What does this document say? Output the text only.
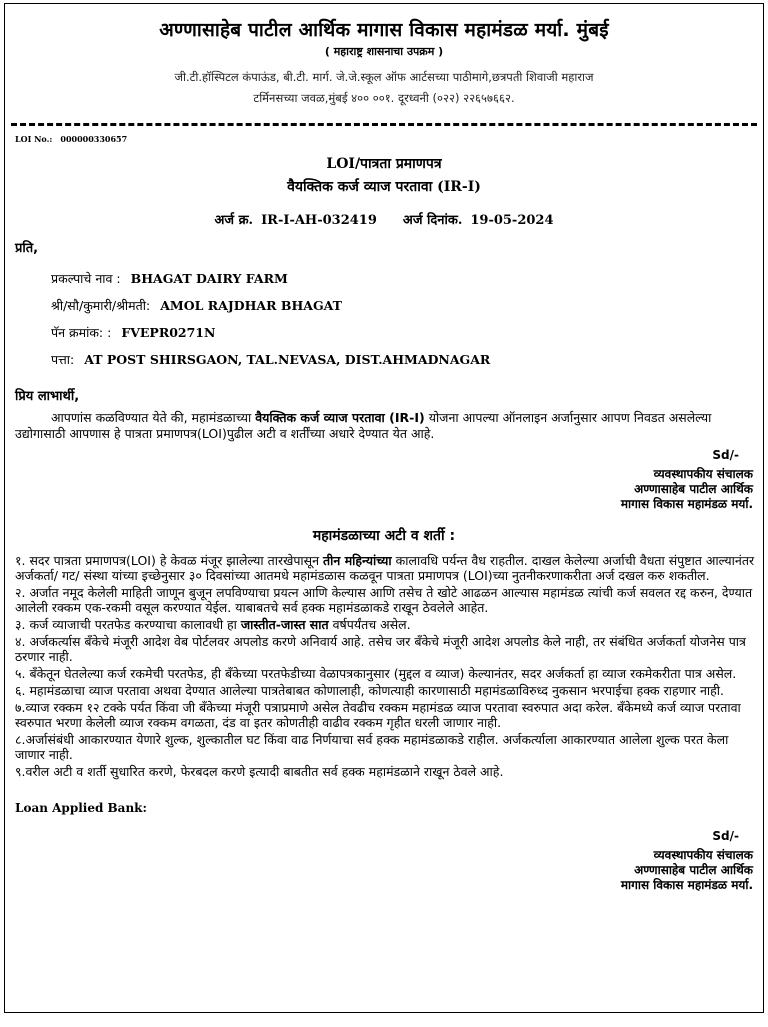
अण्णासाहेब पाटील आर्थिक मागास विकास महामंडळ मर्या. मुंबई
( महाराष्ट्र शासनाचा उपक्रम )
जी.टी.हॉस्पिटल कंपाऊंड, बी.टी. मार्ग. जे.जे.स्कूल ऑफ आर्टसच्या पाठीमागे,छत्रपती शिवाजी महाराज
टर्मिनसच्या जवळ,मुंबई ४०० ००१. दूरध्वनी (०२२) २२६५७६६२.
LOI No.: 000000330657
LOI/पात्रता प्रमाणपत्र
वैयक्तिक कर्ज व्याज परतावा (IR-I)
अर्ज क्र. IR-I-AH-032419 अर्ज दिनांक. 19-05-2024
प्रति,
प्रकल्पाचे नाव : BHAGAT DAIRY FARM
श्री/सौ/कुमारी/श्रीमती: AMOL RAJDHAR BHAGAT
पॅन क्रमांक: : FVEPR0271N
पत्ता: AT POST SHIRSGAON, TAL.NEVASA, DIST.AHMADNAGAR
प्रिय लाभार्थी,
आपणांस कळविण्यात येते की, महामंडळाच्या वैयक्तिक कर्ज व्याज परतावा (IR-I) योजना आपल्या ऑनलाइन अर्जानुसार आपण निवडत असलेल्या उद्योगासाठी आपणास हे पात्रता प्रमाणपत्र(LOI)पुढील अटी व शर्तींच्या अधारे देण्यात येत आहे.
Sd/-
व्यवस्थापकीय संचालक
अण्णासाहेब पाटील आर्थिक
मागास विकास महामंडळ मर्या.
महामंडळाच्या अटी व शर्ती :
१. सदर पात्रता प्रमाणपत्र(LOI) हे केवळ मंजूर झालेल्या तारखेपासून तीन महिन्यांच्या कालावधि पर्यन्त वैध राहतील. दाखल केलेल्या अर्जाची वैधता संपुष्टात आल्यानंतर अर्जकर्ता/ गट/ संस्था यांच्या इच्छेनुसार ३० दिवसांच्या आतमधे महामंडळास कळवून पात्रता प्रमाणपत्र (LOI)च्या नुतनीकरणाकरीता अर्ज दखल करु शकतील.
२. अर्जात नमूद केलेली माहिती जाणून बुजून लपविण्याचा प्रयत्न आणि केल्यास आणि तसेच ते खोटे आढळन आल्यास महामंडळ त्यांची कर्ज सवलत रद्द करुन, देण्यात आलेली रक्कम एक-रकमी वसूल करण्यात येईल. याबाबतचे सर्व हक्क महामंडळाकडे राखून ठेवलेले आहेत.
३. कर्ज व्याजाची परतफेड करण्याचा कालावधी हा जास्तीत-जास्त सात वर्षपर्यंतच असेल.
४. अर्जकर्त्यास बँकेचे मंजूरी आदेश वेब पोर्टलवर अपलोड करणे अनिवार्य आहे. तसेच जर बँकेचे मंजूरी आदेश अपलोड केले नाही, तर संबंधित अर्जकर्ता योजनेस पात्र ठरणार नाही.
५. बँकेतून घेतलेल्या कर्ज रकमेची परतफेड, ही बँकेच्या परतफेडीच्या वेळापत्रकानुसार (मुद्दल व व्याज) केल्यानंतर, सदर अर्जकर्ता हा व्याज रकमेकरीता पात्र असेल.
६. महामंडळाचा व्याज परतावा अथवा देण्यात आलेल्या पात्रतेबाबत कोणालाही, कोणत्याही कारणासाठी महामंडळाविरुध्द नुकसान भरपाईचा हक्क राहणार नाही.
७.व्याज रक्कम १२ टक्के पर्यत किंवा जी बँकेच्या मंजूरी पत्राप्रमाणे असेल तेवढीच रक्कम महामंडळ व्याज परतावा स्वरुपात अदा करेल. बँकेमध्ये कर्ज व्याज परतावा स्वरुपात भरणा केलेली व्याज रक्कम वगळता, दंड वा इतर कोणतीही वाढीव रक्कम गृहीत धरली जाणार नाही.
८.अर्जासंबंधी आकारण्यात येणारे शुल्क, शुल्कातील घट किंवा वाढ निर्णयाचा सर्व हक्क महामंडळाकडे राहील. अर्जकर्त्याला आकारण्यात आलेला शुल्क परत केला जाणार नाही.
९.वरील अटी व शर्ती सुधारित करणे, फेरबदल करणे इत्यादी बाबतीत सर्व हक्क महामंडळाने राखून ठेवले आहे.
Loan Applied Bank:
Sd/-
व्यवस्थापकीय संचालक
अण्णासाहेब पाटील आर्थिक
मागास विकास महामंडळ मर्या.
